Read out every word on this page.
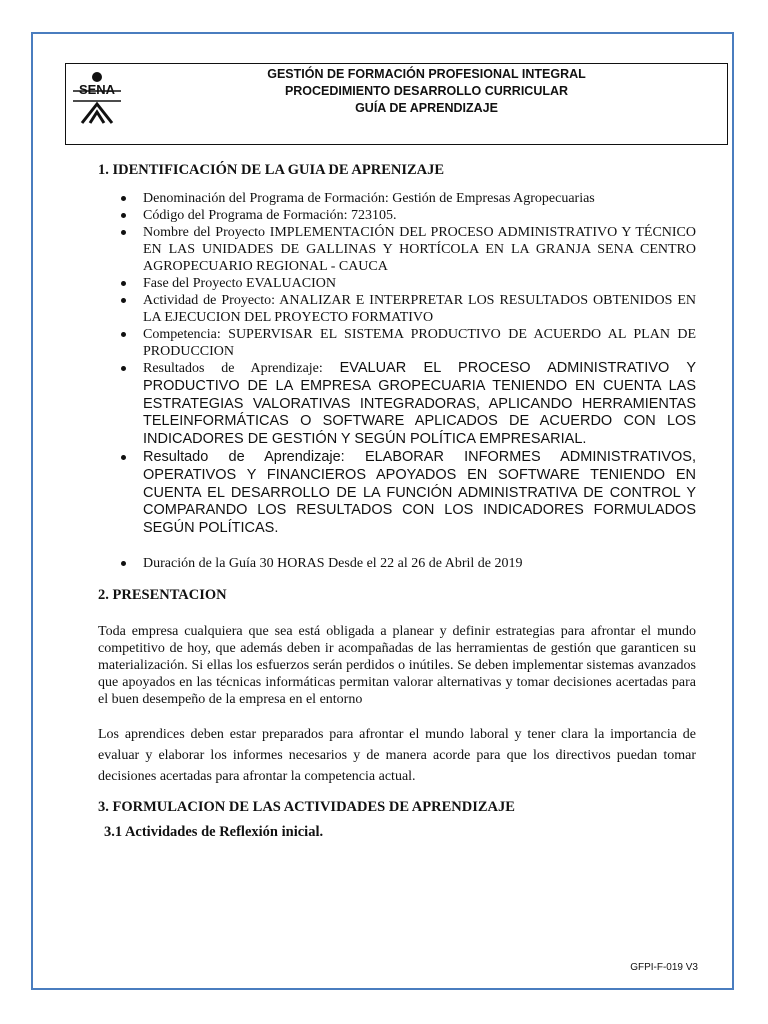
SENA
GESTIÓN DE FORMACIÓN PROFESIONAL INTEGRAL
PROCEDIMIENTO DESARROLLO CURRICULAR
GUÍA DE APRENDIZAJE
1. IDENTIFICACIÓN DE LA GUIA DE APRENIZAJE
Denominación del Programa de Formación: Gestión de Empresas Agropecuarias
Código del Programa de Formación: 723105.
Nombre del Proyecto IMPLEMENTACIÓN DEL PROCESO ADMINISTRATIVO Y TÉCNICO EN LAS UNIDADES DE GALLINAS Y HORTÍCOLA EN LA GRANJA SENA CENTRO AGROPECUARIO REGIONAL - CAUCA
Fase del Proyecto EVALUACION
Actividad de Proyecto: ANALIZAR E INTERPRETAR LOS RESULTADOS OBTENIDOS EN LA EJECUCION DEL PROYECTO FORMATIVO
Competencia: SUPERVISAR EL SISTEMA PRODUCTIVO DE ACUERDO AL PLAN DE PRODUCCION
Resultados de Aprendizaje: EVALUAR EL PROCESO ADMINISTRATIVO Y PRODUCTIVO DE LA EMPRESA GROPECUARIA TENIENDO EN CUENTA LAS ESTRATEGIAS VALORATIVAS INTEGRADORAS, APLICANDO HERRAMIENTAS TELEINFORMÁTICAS O SOFTWARE APLICADOS DE ACUERDO CON LOS INDICADORES DE GESTIÓN Y SEGÚN POLÍTICA EMPRESARIAL.
Resultado de Aprendizaje: ELABORAR INFORMES ADMINISTRATIVOS, OPERATIVOS Y FINANCIEROS APOYADOS EN SOFTWARE TENIENDO EN CUENTA EL DESARROLLO DE LA FUNCIÓN ADMINISTRATIVA DE CONTROL Y COMPARANDO LOS RESULTADOS CON LOS INDICADORES FORMULADOS SEGÚN POLÍTICAS.
Duración de la Guía 30 HORAS Desde el 22 al 26 de Abril de 2019
2. PRESENTACION

Toda empresa cualquiera que sea está obligada a planear y definir estrategias para afrontar el mundo competitivo de hoy, que además deben ir acompañadas de las herramientas de gestión que garanticen su materialización. Si ellas los esfuerzos serán perdidos o inútiles. Se deben implementar sistemas avanzados que apoyados en las técnicas informáticas permitan valorar alternativas y tomar decisiones acertadas para el buen desempeño de la empresa en el entorno

Los aprendices deben estar preparados para afrontar el mundo laboral y tener clara la importancia de evaluar y elaborar los informes necesarios y de manera acorde para que los directivos puedan tomar decisiones acertadas para afrontar la competencia actual.

3. FORMULACION DE LAS ACTIVIDADES DE APRENDIZAJE
3.1 Actividades de Reflexión inicial.
GFPI-F-019 V3
